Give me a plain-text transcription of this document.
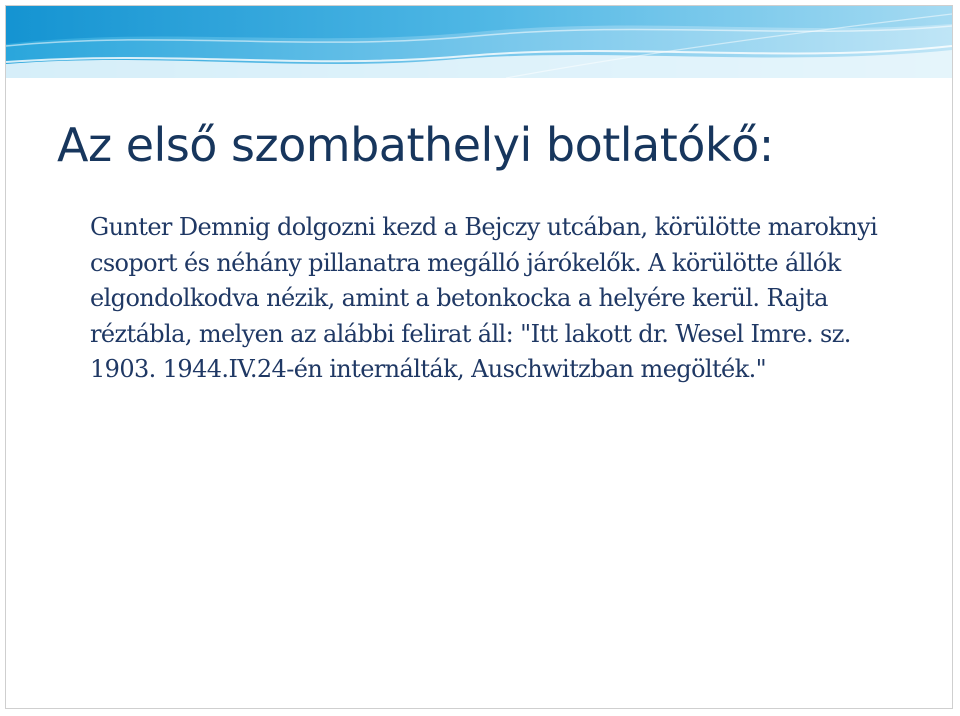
Az első szombathelyi botlatókő:

Gunter Demnig dolgozni kezd a Bejczy utcában, körülötte maroknyi csoport és néhány pillanatra megálló járókelők. A körülötte állók elgondolkodva nézik, amint a betonkocka a helyére kerül. Rajta réztábla, melyen az alábbi felirat áll: "Itt lakott dr. Wesel Imre. sz. 1903. 1944.IV.24-én internálták, Auschwitzban megölték."
